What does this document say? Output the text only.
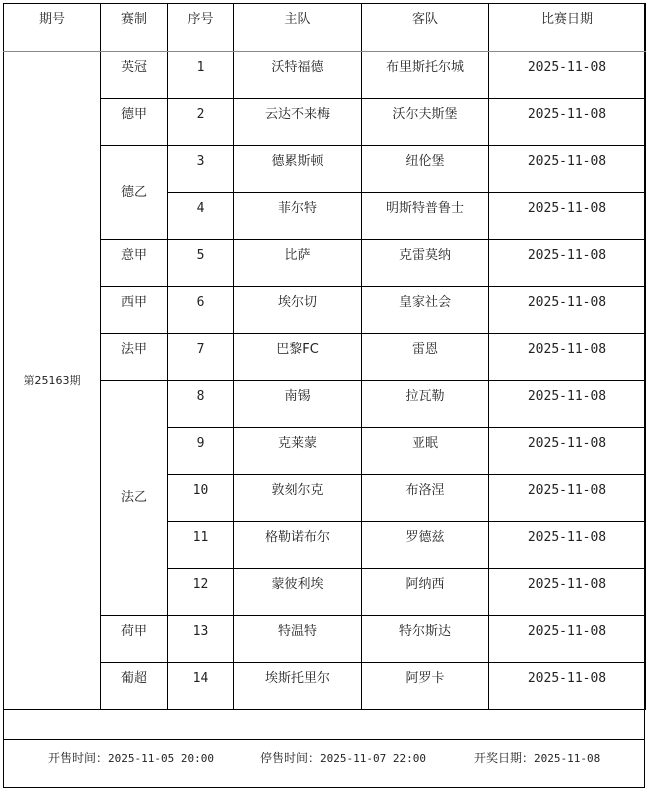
期号	赛制	序号	主队	客队	比赛日期
第25163期	英冠	1	沃特福德	布里斯托尔城	2025-11-08
	德甲	2	云达不来梅	沃尔夫斯堡	2025-11-08
	德乙	3	德累斯顿	纽伦堡	2025-11-08
		4	菲尔特	明斯特普鲁士	2025-11-08
	意甲	5	比萨	克雷莫纳	2025-11-08
	西甲	6	埃尔切	皇家社会	2025-11-08
	法甲	7	巴黎FC	雷恩	2025-11-08
	法乙	8	南锡	拉瓦勒	2025-11-08
		9	克莱蒙	亚眠	2025-11-08
		10	敦刻尔克	布洛涅	2025-11-08
		11	格勒诺布尔	罗德兹	2025-11-08
		12	蒙彼利埃	阿纳西	2025-11-08
	荷甲	13	特温特	特尔斯达	2025-11-08
	葡超	14	埃斯托里尔	阿罗卡	2025-11-08
开售时间：2025-11-05 20:00	停售时间：2025-11-07 22:00	开奖日期：2025-11-08
